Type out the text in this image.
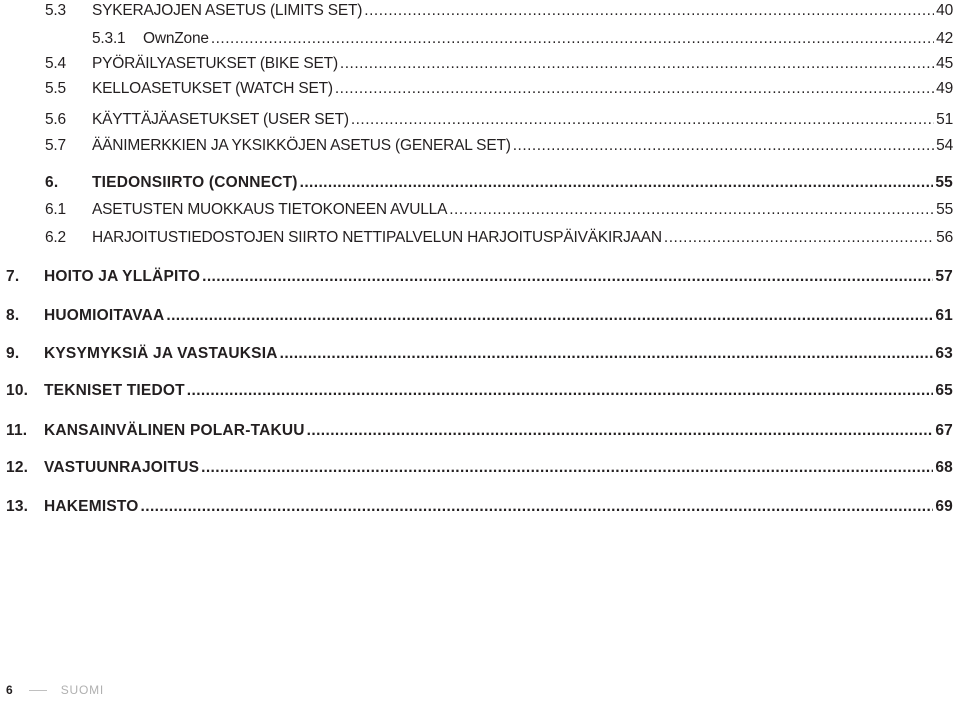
5.3 SYKERAJOJEN ASETUS (LIMITS SET) .....	40
5.3.1 OwnZone .....	42
5.4 PYÖRÄILYASETUKSET (BIKE SET) .....	45
5.5 KELLOASETUKSET (WATCH SET) .....	49
5.6 KÄYTTÄJÄASETUKSET (USER SET) .....	51
5.7 ÄÄNIMERKKIEN JA YKSIKKÖJEN ASETUS (GENERAL SET) .....	54
6. TIEDONSIIRTO (CONNECT) .....	55
6.1 ASETUSTEN MUOKKAUS TIETOKONEEN AVULLA .....	55
6.2 HARJOITUSTIEDOSTOJEN SIIRTO NETTIPALVELUN HARJOITUSPÄIVÄKIRJAAN .....	56
7. HOITO JA YLLÄPITO .....	57
8. HUOMIOITAVAA .....	61
9. KYSYMYKSIÄ JA VASTAUKSIA .....	63
10. TEKNISET TIEDOT .....	65
11. KANSAINVÄLINEN POLAR-TAKUU .....	67
12. VASTUUNRAJOITUS .....	68
13. HAKEMISTO .....	69
6	SUOMI
